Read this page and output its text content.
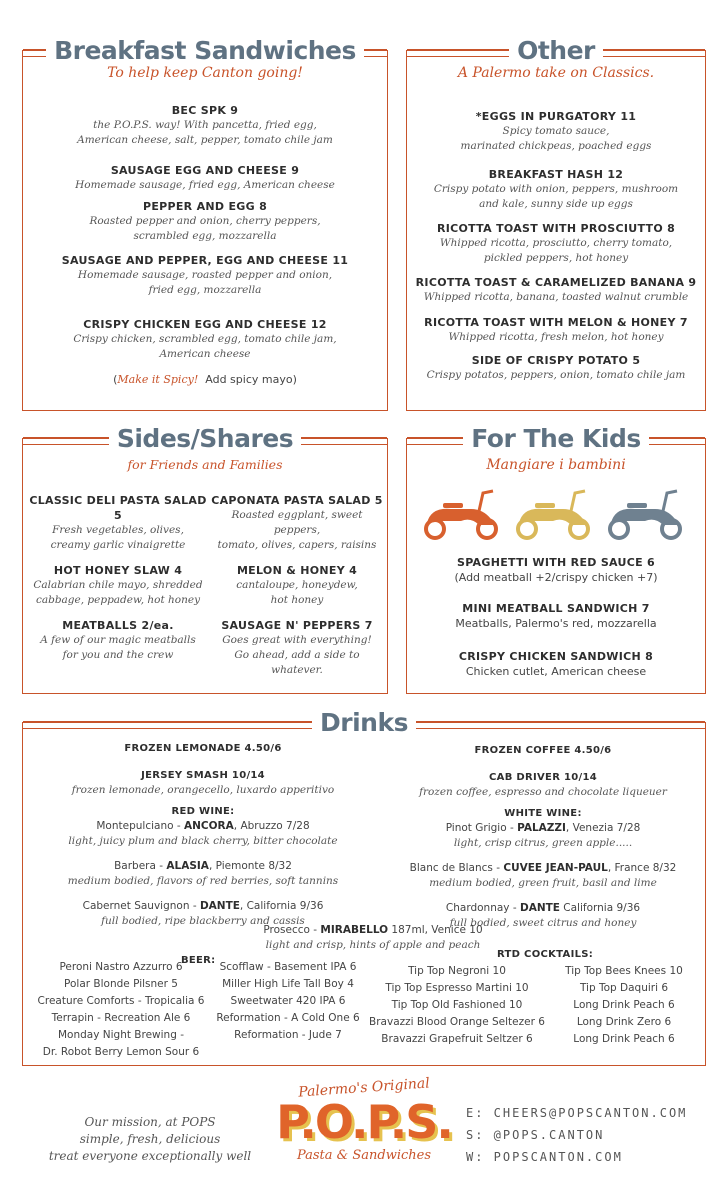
Breakfast Sandwiches
To help keep Canton going!
BEC SPK 9
the P.O.P.S. way! With pancetta, fried egg,
American cheese, salt, pepper, tomato chile jam
SAUSAGE EGG AND CHEESE 9
Homemade sausage, fried egg, American cheese
PEPPER AND EGG 8
Roasted pepper and onion, cherry peppers,
scrambled egg, mozzarella
SAUSAGE AND PEPPER, EGG AND CHEESE 11
Homemade sausage, roasted pepper and onion,
fried egg, mozzarella
CRISPY CHICKEN EGG AND CHEESE 12
Crispy chicken, scrambled egg, tomato chile jam,
American cheese
(Make it Spicy! Add spicy mayo)
Other
A Palermo take on Classics.
*EGGS IN PURGATORY 11
Spicy tomato sauce,
marinated chickpeas, poached eggs
BREAKFAST HASH 12
Crispy potato with onion, peppers, mushroom
and kale, sunny side up eggs
RICOTTA TOAST WITH PROSCIUTTO 8
Whipped ricotta, prosciutto, cherry tomato,
pickled peppers, hot honey
RICOTTA TOAST & CARAMELIZED BANANA 9
Whipped ricotta, banana, toasted walnut crumble
RICOTTA TOAST WITH MELON & HONEY 7
Whipped ricotta, fresh melon, hot honey
SIDE OF CRISPY POTATO 5
Crispy potatos, peppers, onion, tomato chile jam
Sides/Shares
for Friends and Families
CLASSIC DELI PASTA SALAD 5
Fresh vegetables, olives,
creamy garlic vinaigrette
HOT HONEY SLAW 4
Calabrian chile mayo, shredded
cabbage, peppadew, hot honey
MEATBALLS 2/ea.
A few of our magic meatballs
for you and the crew
CAPONATA PASTA SALAD 5
Roasted eggplant, sweet peppers,
tomato, olives, capers, raisins
MELON & HONEY 4
cantaloupe, honeydew,
hot honey
SAUSAGE N' PEPPERS 7
Goes great with everything!
Go ahead, add a side to whatever.
For The Kids
Mangiare i bambini
SPAGHETTI WITH RED SAUCE 6
(Add meatball +2/crispy chicken +7)
MINI MEATBALL SANDWICH 7
Meatballs, Palermo's red, mozzarella
CRISPY CHICKEN SANDWICH 8
Chicken cutlet, American cheese
Drinks
FROZEN LEMONADE 4.50/6
JERSEY SMASH 10/14
frozen lemonade, orangecello, luxardo apperitivo
RED WINE:
Montepulciano - ANCORA, Abruzzo 7/28
light, juicy plum and black cherry, bitter chocolate
Barbera - ALASIA, Piemonte 8/32
medium bodied, flavors of red berries, soft tannins
Cabernet Sauvignon - DANTE, California 9/36
full bodied, ripe blackberry and cassis
FROZEN COFFEE 4.50/6
CAB DRIVER 10/14
frozen coffee, espresso and chocolate liqueuer
WHITE WINE:
Pinot Grigio - PALAZZI, Venezia 7/28
light, crisp citrus, green apple.....
Blanc de Blancs - CUVEE JEAN-PAUL, France 8/32
medium bodied, green fruit, basil and lime
Chardonnay - DANTE California 9/36
full bodied, sweet citrus and honey
Prosecco - MIRABELLO 187ml, Venice 10
light and crisp, hints of apple and peach
BEER:
Peroni Nastro Azzurro 6
Polar Blonde Pilsner 5
Creature Comforts - Tropicalia 6
Terrapin - Recreation Ale 6
Monday Night Brewing -
Dr. Robot Berry Lemon Sour 6
Scofflaw - Basement IPA 6
Miller High Life Tall Boy 4
Sweetwater 420 IPA 6
Reformation - A Cold One 6
Reformation - Jude 7
RTD COCKTAILS:
Tip Top Negroni 10
Tip Top Espresso Martini 10
Tip Top Old Fashioned 10
Bravazzi Blood Orange Seltezer 6
Bravazzi Grapefruit Seltzer 6
Tip Top Bees Knees 10
Tip Top Daquiri 6
Long Drink Peach 6
Long Drink Zero 6
Long Drink Peach 6
Our mission, at POPS
simple, fresh, delicious
treat everyone exceptionally well
Palermo's Original
P.O.P.S.
Pasta & Sandwiches
E: CHEERS@POPSCANTON.COM
S: @POPS.CANTON
W: POPSCANTON.COM
